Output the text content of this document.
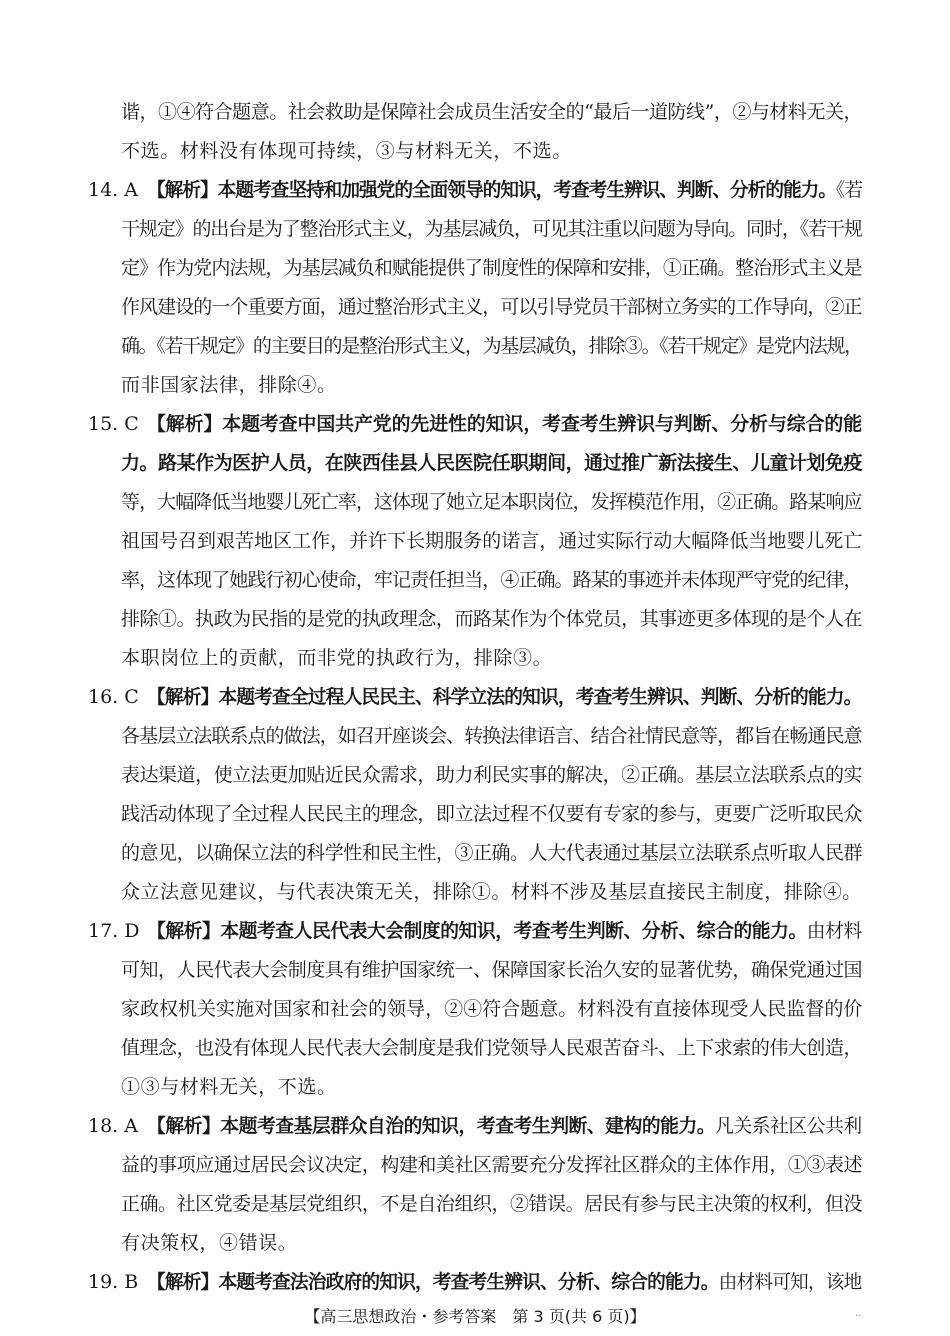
谐，①④符合题意。社会救助是保障社会成员生活安全的“最后一道防线”，②与材料无关，
不选。材料没有体现可持续，③与材料无关，不选。
14. A 【解析】本题考查坚持和加强党的全面领导的知识，考查考生辨识、判断、分析的能力。《若
干规定》的出台是为了整治形式主义，为基层减负，可见其注重以问题为导向。同时，《若干规
定》作为党内法规，为基层减负和赋能提供了制度性的保障和安排，①正确。整治形式主义是
作风建设的一个重要方面，通过整治形式主义，可以引导党员干部树立务实的工作导向，②正
确。《若干规定》的主要目的是整治形式主义，为基层减负，排除③。《若干规定》是党内法规，
而非国家法律，排除④。
15. C 【解析】本题考查中国共产党的先进性的知识，考查考生辨识与判断、分析与综合的能
力。路某作为医护人员，在陕西佳县人民医院任职期间，通过推广新法接生、儿童计划免疫
等，大幅降低当地婴儿死亡率，这体现了她立足本职岗位，发挥模范作用，②正确。路某响应
祖国号召到艰苦地区工作，并许下长期服务的诺言，通过实际行动大幅降低当地婴儿死亡
率，这体现了她践行初心使命，牢记责任担当，④正确。路某的事迹并未体现严守党的纪律，
排除①。执政为民指的是党的执政理念，而路某作为个体党员，其事迹更多体现的是个人在
本职岗位上的贡献，而非党的执政行为，排除③。
16. C 【解析】本题考查全过程人民民主、科学立法的知识，考查考生辨识、判断、分析的能力。
各基层立法联系点的做法，如召开座谈会、转换法律语言、结合社情民意等，都旨在畅通民意
表达渠道，使立法更加贴近民众需求，助力利民实事的解决，②正确。基层立法联系点的实
践活动体现了全过程人民民主的理念，即立法过程不仅要有专家的参与，更要广泛听取民众
的意见，以确保立法的科学性和民主性，③正确。人大代表通过基层立法联系点听取人民群
众立法意见建议，与代表决策无关，排除①。材料不涉及基层直接民主制度，排除④。
17. D 【解析】本题考查人民代表大会制度的知识，考查考生判断、分析、综合的能力。由材料
可知，人民代表大会制度具有维护国家统一、保障国家长治久安的显著优势，确保党通过国
家政权机关实施对国家和社会的领导，②④符合题意。材料没有直接体现受人民监督的价
值理念，也没有体现人民代表大会制度是我们党领导人民艰苦奋斗、上下求索的伟大创造，
①③与材料无关，不选。
18. A 【解析】本题考查基层群众自治的知识，考查考生判断、建构的能力。凡关系社区公共利
益的事项应通过居民会议决定，构建和美社区需要充分发挥社区群众的主体作用，①③表述
正确。社区党委是基层党组织，不是自治组织，②错误。居民有参与民主决策的权利，但没
有决策权，④错误。
19. B 【解析】本题考查法治政府的知识，考查考生辨识、分析、综合的能力。由材料可知，该地
【高三思想政治・参考答案　第 3 页(共 6 页)】	..
